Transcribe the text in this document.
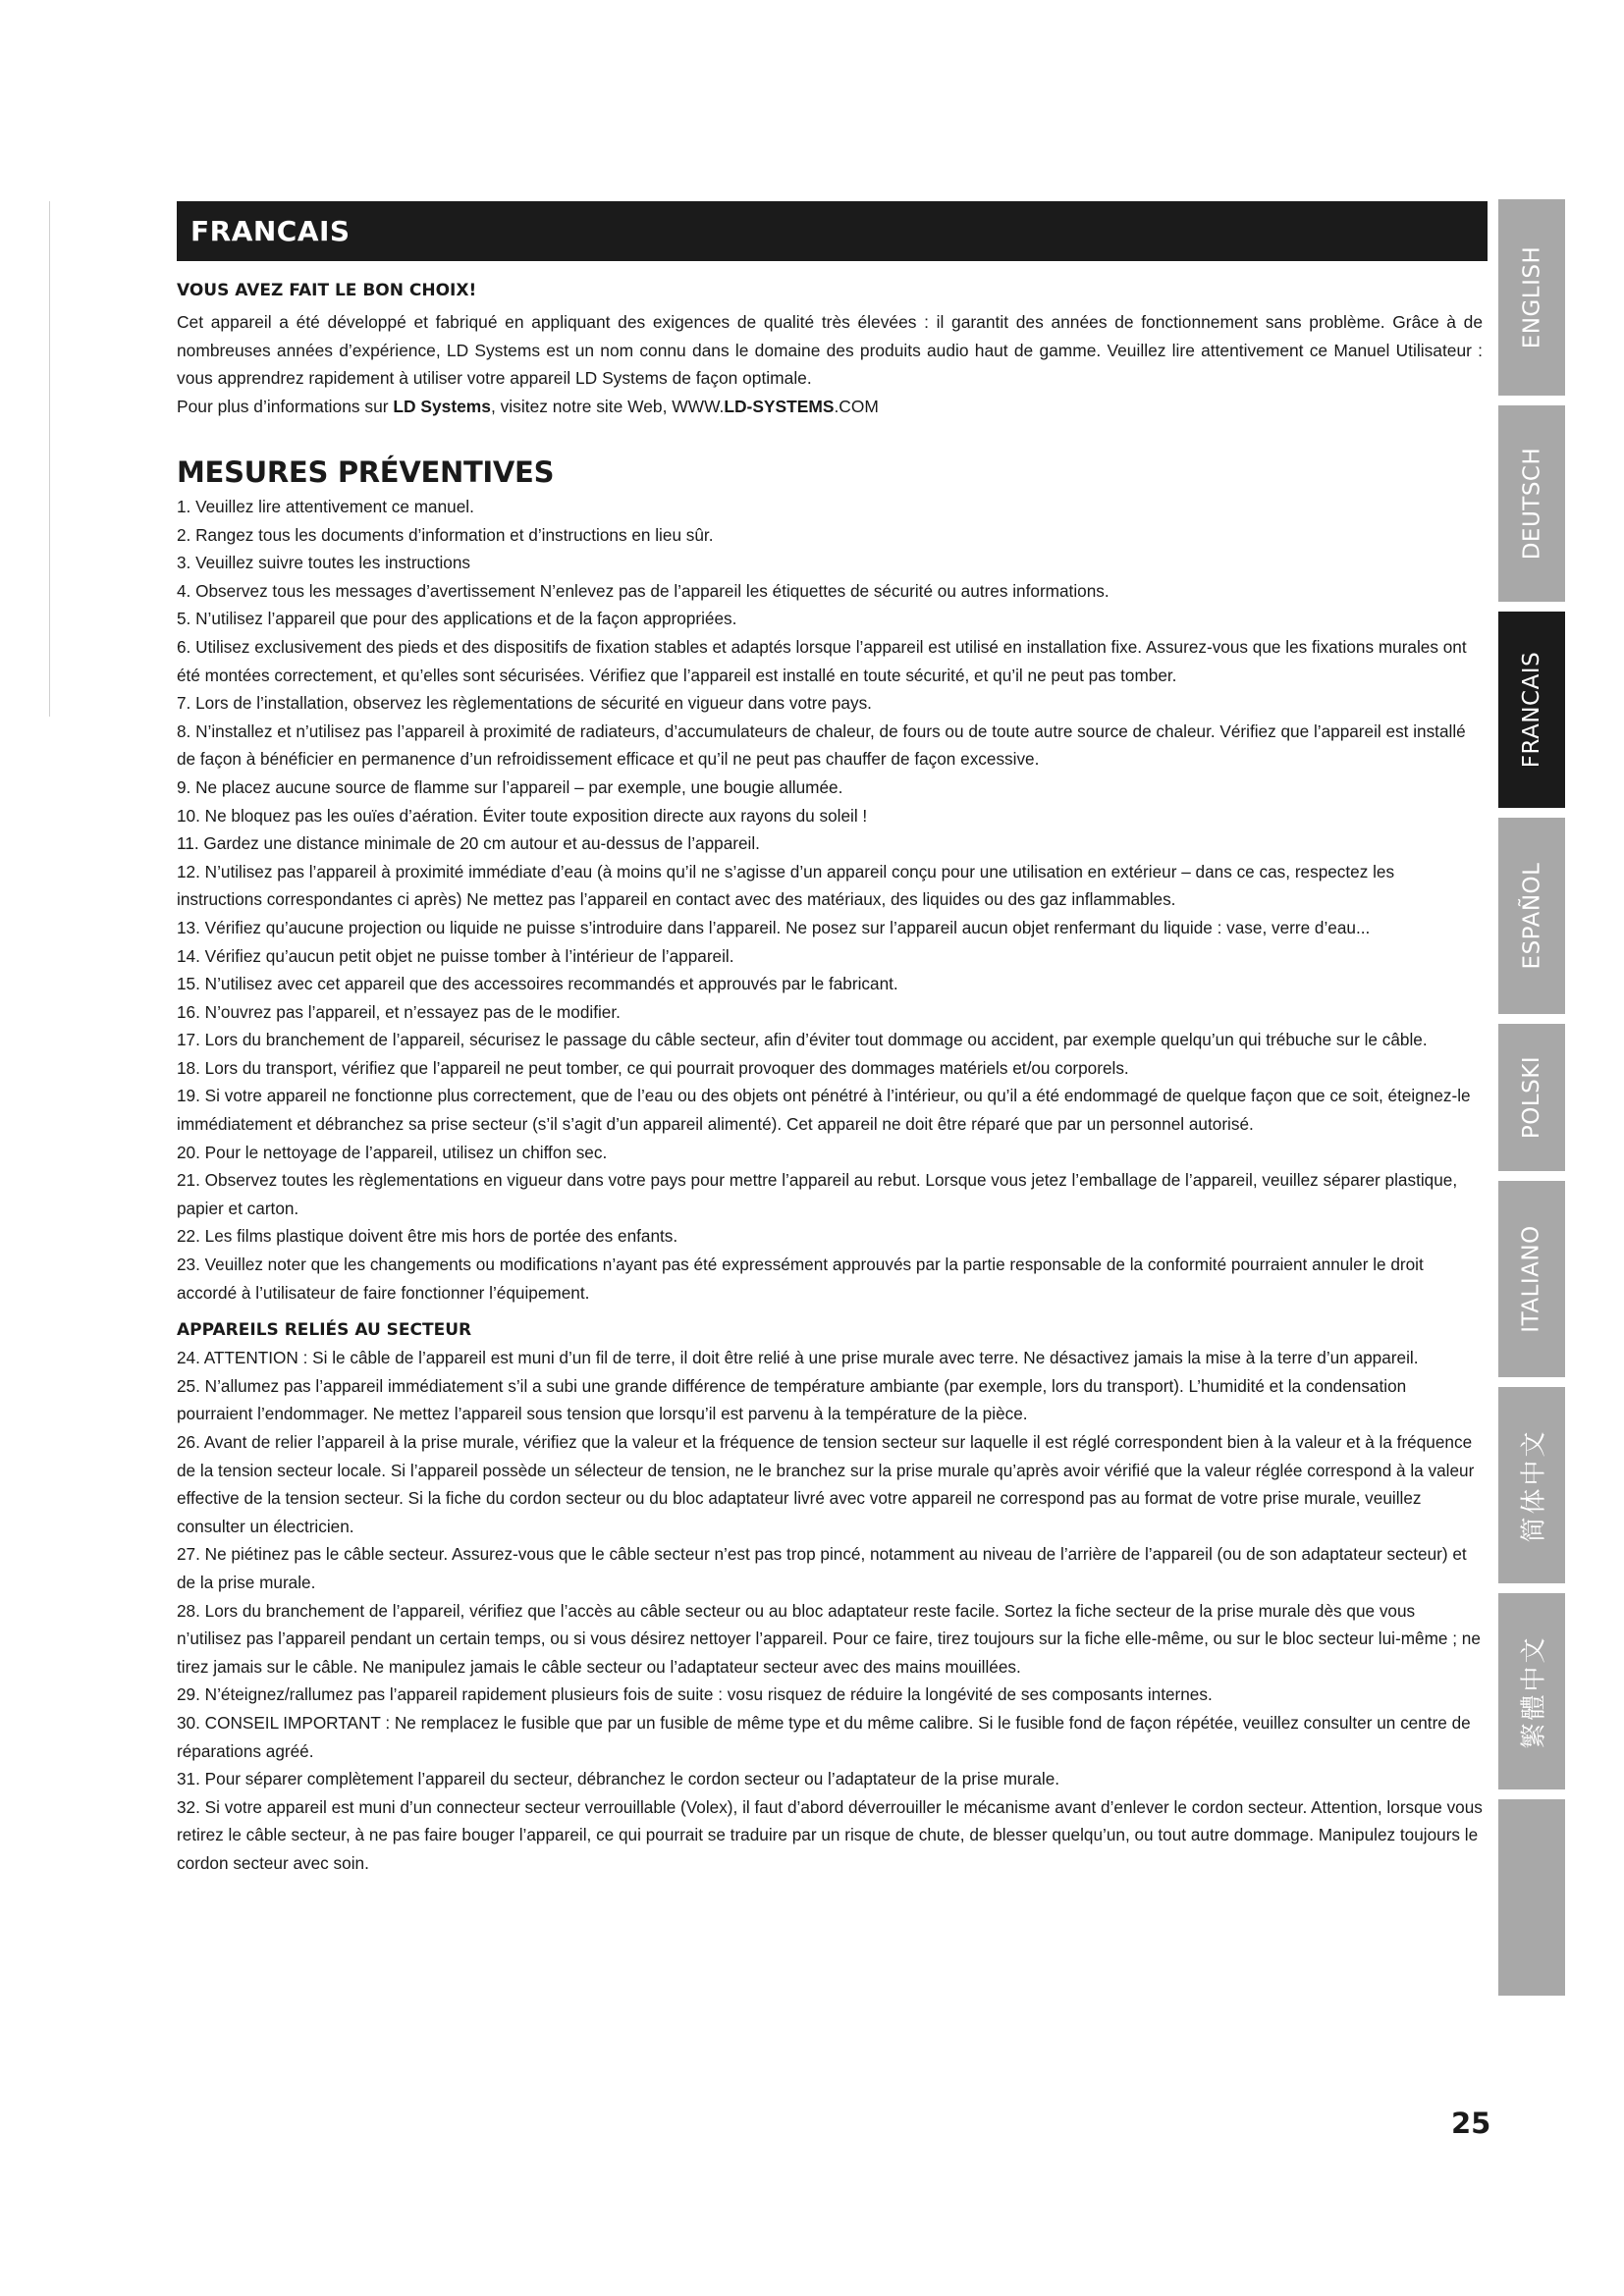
FRANCAIS
VOUS AVEZ FAIT LE BON CHOIX!

Cet appareil a été développé et fabriqué en appliquant des exigences de qualité très élevées : il garantit des années de fonctionnement sans problème. Grâce à de nombreuses années d’expérience, LD Systems est un nom connu dans le domaine des produits audio haut de gamme. Veuillez lire attentivement ce Manuel Utilisateur : vous apprendrez rapidement à utiliser votre appareil LD Systems de façon optimale.

Pour plus d’informations sur LD Systems, visitez notre site Web, WWW.LD-SYSTEMS.COM

MESURES PRÉVENTIVES

1. Veuillez lire attentivement ce manuel.

2. Rangez tous les documents d’information et d’instructions en lieu sûr.

3. Veuillez suivre toutes les instructions

4. Observez tous les messages d’avertissement N’enlevez pas de l’appareil les étiquettes de sécurité ou autres informations.

5. N’utilisez l’appareil que pour des applications et de la façon appropriées.

6. Utilisez exclusivement des pieds et des dispositifs de fixation stables et adaptés lorsque l’appareil est utilisé en installation fixe. Assurez-vous que les fixations murales ont été montées correctement, et qu’elles sont sécurisées. Vérifiez que l’appareil est installé en toute sécurité, et qu’il ne peut pas tomber.

7. Lors de l’installation, observez les règlementations de sécurité en vigueur dans votre pays.

8. N’installez et n’utilisez pas l’appareil à proximité de radiateurs, d’accumulateurs de chaleur, de fours ou de toute autre source de chaleur. Vérifiez que l’appareil est installé de façon à bénéficier en permanence d’un refroidissement efficace et qu’il ne peut pas chauffer de façon excessive.

9. Ne placez aucune source de flamme sur l’appareil – par exemple, une bougie allumée.

10. Ne bloquez pas les ouïes d’aération. Éviter toute exposition directe aux rayons du soleil !

11. Gardez une distance minimale de 20 cm autour et au-dessus de l’appareil.

12. N’utilisez pas l’appareil à proximité immédiate d’eau (à moins qu’il ne s’agisse d’un appareil conçu pour une utilisation en extérieur – dans ce cas, respectez les instructions correspondantes ci après) Ne mettez pas l’appareil en contact avec des matériaux, des liquides ou des gaz inflammables.

13. Vérifiez qu’aucune projection ou liquide ne puisse s’introduire dans l’appareil. Ne posez sur l’appareil aucun objet renfermant du liquide : vase, verre d’eau...

14. Vérifiez qu’aucun petit objet ne puisse tomber à l’intérieur de l’appareil.

15. N’utilisez avec cet appareil que des accessoires recommandés et approuvés par le fabricant.

16. N’ouvrez pas l’appareil, et n’essayez pas de le modifier.

17. Lors du branchement de l’appareil, sécurisez le passage du câble secteur, afin d’éviter tout dommage ou accident, par exemple quelqu’un qui trébuche sur le câble.

18. Lors du transport, vérifiez que l’appareil ne peut tomber, ce qui pourrait provoquer des dommages matériels et/ou corporels.

19. Si votre appareil ne fonctionne plus correctement, que de l’eau ou des objets ont pénétré à l’intérieur, ou qu’il a été endommagé de quelque façon que ce soit, éteignez-le immédiatement et débranchez sa prise secteur (s’il s’agit d’un appareil alimenté). Cet appareil ne doit être réparé que par un personnel autorisé.

20. Pour le nettoyage de l’appareil, utilisez un chiffon sec.

21. Observez toutes les règlementations en vigueur dans votre pays pour mettre l’appareil au rebut. Lorsque vous jetez l’emballage de l’appareil, veuillez séparer plastique, papier et carton.

22. Les films plastique doivent être mis hors de portée des enfants.

23. Veuillez noter que les changements ou modifications n’ayant pas été expressément approuvés par la partie responsable de la conformité pourraient annuler le droit accordé à l’utilisateur de faire fonctionner l’équipement.

APPAREILS RELIÉS AU SECTEUR

24. ATTENTION : Si le câble de l’appareil est muni d’un fil de terre, il doit être relié à une prise murale avec terre. Ne désactivez jamais la mise à la terre d’un appareil.

25. N’allumez pas l’appareil immédiatement s’il a subi une grande différence de température ambiante (par exemple, lors du transport). L’humidité et la condensation pourraient l’endommager. Ne mettez l’appareil sous tension que lorsqu’il est parvenu à la température de la pièce.

26. Avant de relier l’appareil à la prise murale, vérifiez que la valeur et la fréquence de tension secteur sur laquelle il est réglé correspondent bien à la valeur et à la fréquence de la tension secteur locale. Si l’appareil possède un sélecteur de tension, ne le branchez sur la prise murale qu’après avoir vérifié que la valeur réglée correspond à la valeur effective de la tension secteur. Si la fiche du cordon secteur ou du bloc adaptateur livré avec votre appareil ne correspond pas au format de votre prise murale, veuillez consulter un électricien.

27. Ne piétinez pas le câble secteur. Assurez-vous que le câble secteur n’est pas trop pincé, notamment au niveau de l’arrière de l’appareil (ou de son adaptateur secteur) et de la prise murale.

28. Lors du branchement de l’appareil, vérifiez que l’accès au câble secteur ou au bloc adaptateur reste facile. Sortez la fiche secteur de la prise murale dès que vous n’utilisez pas l’appareil pendant un certain temps, ou si vous désirez nettoyer l’appareil. Pour ce faire, tirez toujours sur la fiche elle-même, ou sur le bloc secteur lui-même ; ne tirez jamais sur le câble. Ne manipulez jamais le câble secteur ou l’adaptateur secteur avec des mains mouillées.

29. N’éteignez/rallumez pas l’appareil rapidement plusieurs fois de suite : vosu risquez de réduire la longévité de ses composants internes.

30. CONSEIL IMPORTANT : Ne remplacez le fusible que par un fusible de même type et du même calibre. Si le fusible fond de façon répétée, veuillez consulter un centre de réparations agréé.

31. Pour séparer complètement l’appareil du secteur, débranchez le cordon secteur ou l’adaptateur de la prise murale.

32. Si votre appareil est muni d’un connecteur secteur verrouillable (Volex), il faut d’abord déverrouiller le mécanisme avant d’enlever le cordon secteur. Attention, lorsque vous retirez le câble secteur, à ne pas faire bouger l’appareil, ce qui pourrait se traduire par un risque de chute, de blesser quelqu’un, ou tout autre dommage. Manipulez toujours le cordon secteur avec soin.

25
ENGLISH
DEUTSCH
FRANCAIS
ESPAÑOL
POLSKI
ITALIANO
简体中文
繁體中文
